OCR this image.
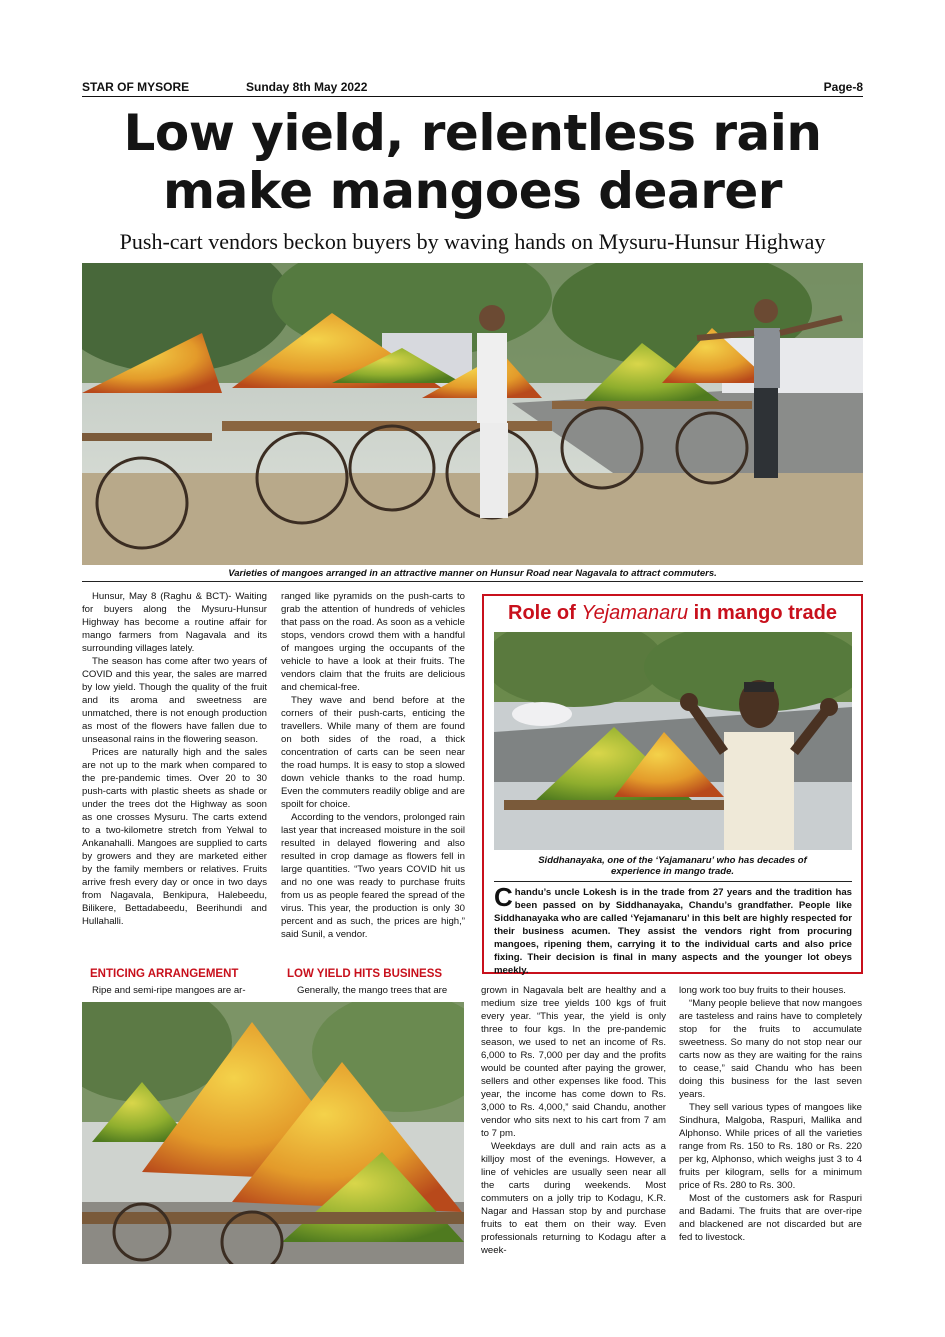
STAR OF MYSORE	Sunday 8th May 2022	Page-8
Low yield, relentless rain
make mangoes dearer
Push-cart vendors beckon buyers by waving hands on Mysuru-Hunsur Highway
Varieties of mangoes arranged in an attractive manner on Hunsur Road near Nagavala to attract commuters.

Hunsur, May 8 (Raghu & BCT)- Waiting for buyers along the Mysuru-Hunsur Highway has become a routine affair for mango farmers from Nagavala and its surrounding villages lately.

The season has come after two years of COVID and this year, the sales are marred by low yield. Though the quality of the fruit and its aroma and sweetness are unmatched, there is not enough production as most of the flowers have fallen due to unseasonal rains in the flowering season.

Prices are naturally high and the sales are not up to the mark when compared to the pre-pandemic times. Over 20 to 30 push-carts with plastic sheets as shade or under the trees dot the Highway as soon as one crosses Mysuru. The carts extend to a two-kilometre stretch from Yelwal to Ankanahalli. Mangoes are supplied to carts by growers and they are marketed either by the family members or relatives. Fruits arrive fresh every day or once in two days from Nagavala, Benkipura, Halebeedu, Bilikere, Bettadabeedu, Beerihundi and Hullahalli.

ENTICING ARRANGEMENT

Ripe and semi-ripe mangoes are ar-

ranged like pyramids on the push-carts to grab the attention of hundreds of vehicles that pass on the road. As soon as a vehicle stops, vendors crowd them with a handful of mangoes urging the occupants of the vehicle to have a look at their fruits. The vendors claim that the fruits are delicious and chemical-free.

They wave and bend before at the corners of their push-carts, enticing the travellers. While many of them are found on both sides of the road, a thick concentration of carts can be seen near the road humps. It is easy to stop a slowed down vehicle thanks to the road hump. Even the commuters readily oblige and are spoilt for choice.

According to the vendors, prolonged rain last year that increased moisture in the soil resulted in delayed flowering and also resulted in crop damage as flowers fell in large quantities. “Two years COVID hit us and no one was ready to purchase fruits from us as people feared the spread of the virus. This year, the production is only 30 percent and as such, the prices are high,” said Sunil, a vendor.

LOW YIELD HITS BUSINESS

Generally, the mango trees that are

Role of Yejamanaru in mango trade
Siddhanayaka, one of the ‘Yajamanaru’ who has decades of
experience in mango trade.
Chandu’s uncle Lokesh is in the trade from 27 years and the tradition has been passed on by Siddhanayaka, Chandu’s grandfather. People like Siddhanayaka who are called ‘Yejamanaru’ in this belt are highly respected for their business acumen. They assist the vendors right from procuring mangoes, ripening them, carrying it to the individual carts and also price fixing. Their decision is final in many aspects and the younger lot obeys meekly.

grown in Nagavala belt are healthy and a medium size tree yields 100 kgs of fruit every year. “This year, the yield is only three to four kgs. In the pre-pandemic season, we used to net an income of Rs. 6,000 to Rs. 7,000 per day and the profits would be counted after paying the grower, sellers and other expenses like food. This year, the income has come down to Rs. 3,000 to Rs. 4,000,” said Chandu, another vendor who sits next to his cart from 7 am to 7 pm.

Weekdays are dull and rain acts as a killjoy most of the evenings. However, a line of vehicles are usually seen near all the carts during weekends. Most commuters on a jolly trip to Kodagu, K.R. Nagar and Hassan stop by and purchase fruits to eat them on their way. Even professionals returning to Kodagu after a week-

long work too buy fruits to their houses.

“Many people believe that now mangoes are tasteless and rains have to completely stop for the fruits to accumulate sweetness. So many do not stop near our carts now as they are waiting for the rains to cease,” said Chandu who has been doing this business for the last seven years.

They sell various types of mangoes like Sindhura, Malgoba, Raspuri, Mallika and Alphonso. While prices of all the varieties range from Rs. 150 to Rs. 180 or Rs. 220 per kg, Alphonso, which weighs just 3 to 4 fruits per kilogram, sells for a minimum price of Rs. 280 to Rs. 300.

Most of the customers ask for Raspuri and Badami. The fruits that are over-ripe and blackened are not discarded but are fed to livestock.
